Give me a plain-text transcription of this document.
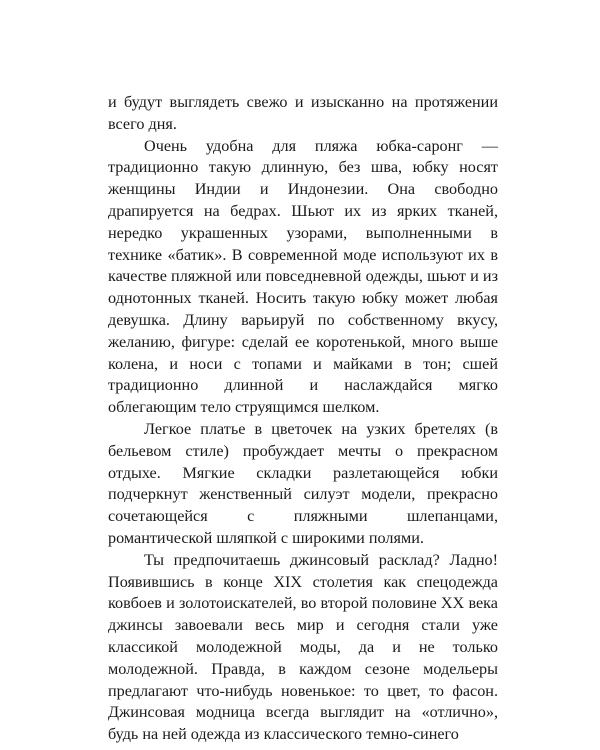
и будут выглядеть свежо и изысканно на протяжении всего дня.

Очень удобна для пляжа юбка-саронг — традиционно такую длинную, без шва, юбку носят женщины Индии и Индонезии. Она свободно драпируется на бедрах. Шьют их из ярких тканей, нередко украшенных узорами, выполненными в технике «батик». В современной моде используют их в качестве пляжной или повседневной одежды, шьют и из однотонных тканей. Носить такую юбку может любая девушка. Длину варьируй по собственному вкусу, желанию, фигуре: сделай ее коротенькой, много выше колена, и носи с топами и майками в тон; сшей традиционно длинной и наслаждайся мягко облегающим тело струящимся шелком.

Легкое платье в цветочек на узких бретелях (в бельевом стиле) пробуждает мечты о прекрасном отдыхе. Мягкие складки разлетающейся юбки подчеркнут женственный силуэт модели, прекрасно сочетающейся с пляжными шлепанцами, романтической шляпкой с широкими полями.

Ты предпочитаешь джинсовый расклад? Ладно! Появившись в конце XIX столетия как спецодежда ковбоев и золотоискателей, во второй половине XX века джинсы завоевали весь мир и сегодня стали уже классикой молодежной моды, да и не только молодежной. Правда, в каждом сезоне модельеры предлагают что-нибудь новенькое: то цвет, то фасон. Джинсовая модница всегда выглядит на «отлично», будь на ней одежда из классического темно-синего
